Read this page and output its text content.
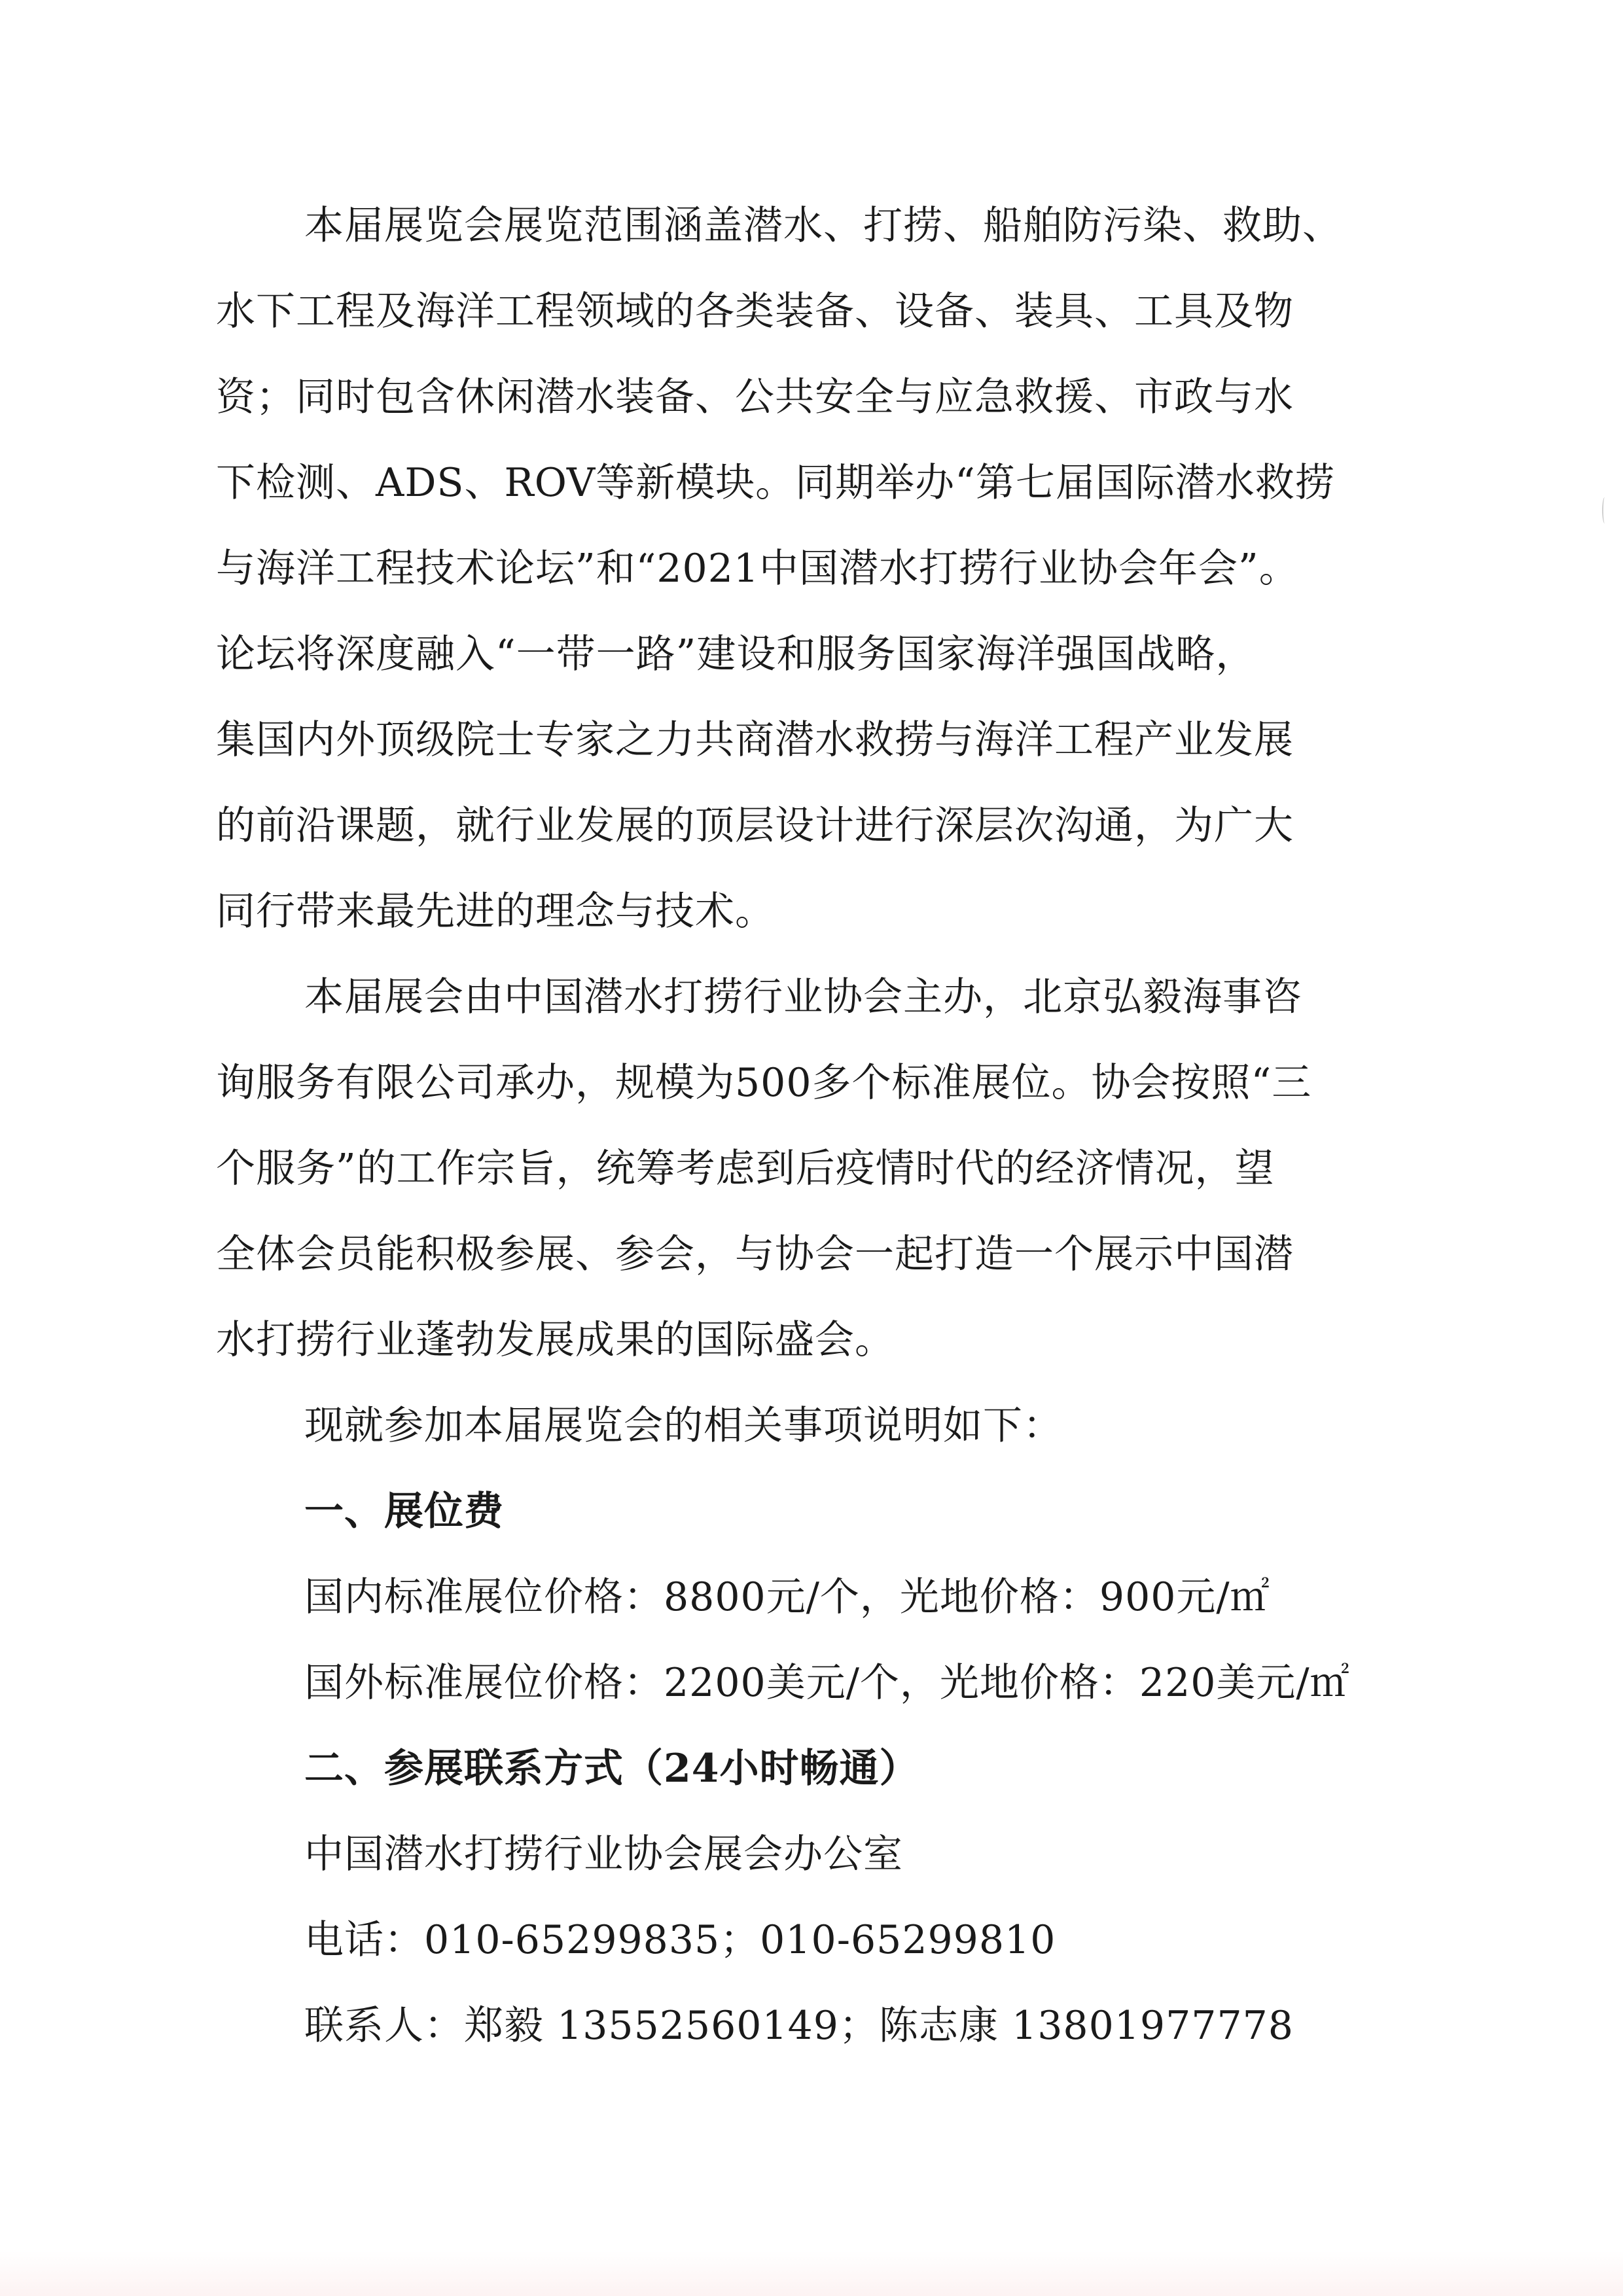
本届展览会展览范围涵盖潜水、打捞、船舶防污染、救助、
水下工程及海洋工程领域的各类装备、设备、装具、工具及物
资；同时包含休闲潜水装备、公共安全与应急救援、市政与水
下检测、ADS、ROV等新模块。同期举办“第七届国际潜水救捞
与海洋工程技术论坛”和“2021中国潜水打捞行业协会年会”。
论坛将深度融入“一带一路”建设和服务国家海洋强国战略，
集国内外顶级院士专家之力共商潜水救捞与海洋工程产业发展
的前沿课题，就行业发展的顶层设计进行深层次沟通，为广大
同行带来最先进的理念与技术。
本届展会由中国潜水打捞行业协会主办，北京弘毅海事咨
询服务有限公司承办，规模为500多个标准展位。协会按照“三
个服务”的工作宗旨，统筹考虑到后疫情时代的经济情况，望
全体会员能积极参展、参会，与协会一起打造一个展示中国潜
水打捞行业蓬勃发展成果的国际盛会。
现就参加本届展览会的相关事项说明如下：
一、展位费
国内标准展位价格：8800元/个，光地价格：900元/㎡
国外标准展位价格：2200美元/个，光地价格：220美元/㎡
二、参展联系方式（24小时畅通）
中国潜水打捞行业协会展会办公室
电话：010-65299835；010-65299810
联系人：郑毅 13552560149；陈志康 13801977778
